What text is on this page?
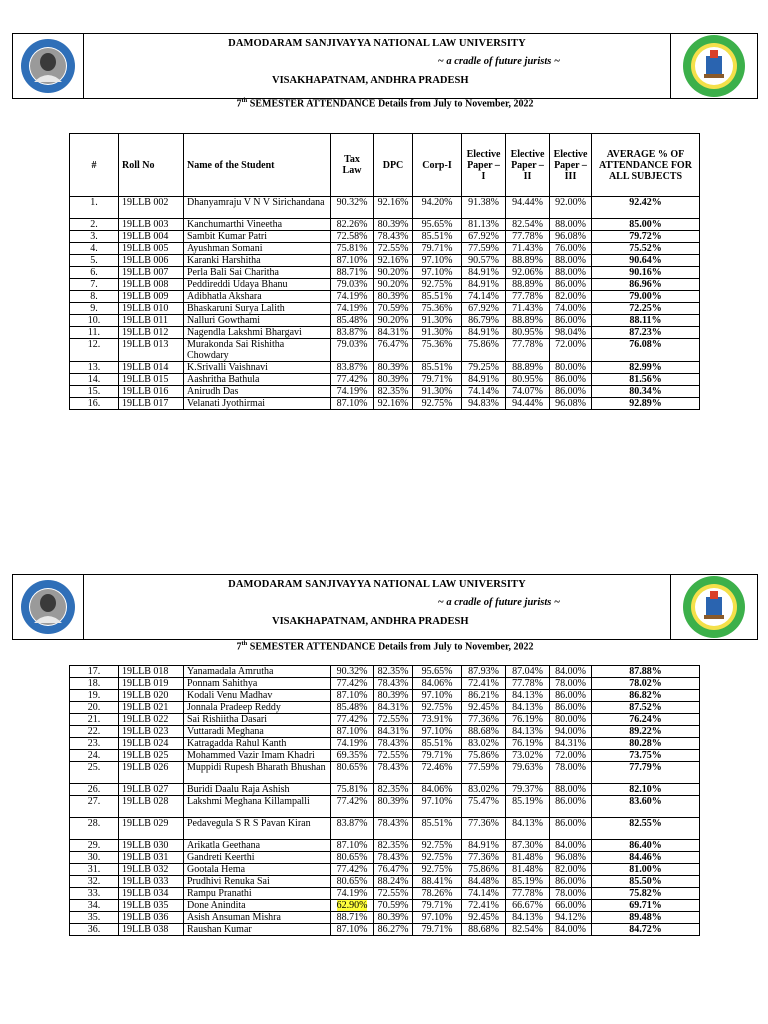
DAMODARAM SANJIVAYYA NATIONAL LAW UNIVERSITY
~ a cradle of future jurists ~
VISAKHAPATNAM, ANDHRA PRADESH
7th SEMESTER ATTENDANCE Details from July to November, 2022
#	Roll No	Name of the Student	Tax Law	DPC	Corp-I	Elective Paper – I	Elective Paper – II	Elective Paper – III	AVERAGE % OF ATTENDANCE FOR ALL SUBJECTS
1.	19LLB 002	Dhanyamraju V N V Sirichandana	90.32%	92.16%	94.20%	91.38%	94.44%	92.00%	92.42%
2.	19LLB 003	Kanchumarthi Vineetha	82.26%	80.39%	95.65%	81.13%	82.54%	88.00%	85.00%
3.	19LLB 004	Sambit Kumar Patri	72.58%	78.43%	85.51%	67.92%	77.78%	96.08%	79.72%
4.	19LLB 005	Ayushman Somani	75.81%	72.55%	79.71%	77.59%	71.43%	76.00%	75.52%
5.	19LLB 006	Karanki Harshitha	87.10%	92.16%	97.10%	90.57%	88.89%	88.00%	90.64%
6.	19LLB 007	Perla Bali Sai Charitha	88.71%	90.20%	97.10%	84.91%	92.06%	88.00%	90.16%
7.	19LLB 008	Peddireddi Udaya Bhanu	79.03%	90.20%	92.75%	84.91%	88.89%	86.00%	86.96%
8.	19LLB 009	Adibhatla Akshara	74.19%	80.39%	85.51%	74.14%	77.78%	82.00%	79.00%
9.	19LLB 010	Bhaskaruni Surya Lalith	74.19%	70.59%	75.36%	67.92%	71.43%	74.00%	72.25%
10.	19LLB 011	Nalluri Gowthami	85.48%	90.20%	91.30%	86.79%	88.89%	86.00%	88.11%
11.	19LLB 012	Nagendla Lakshmi Bhargavi	83.87%	84.31%	91.30%	84.91%	80.95%	98.04%	87.23%
12.	19LLB 013	Murakonda Sai Rishitha Chowdary	79.03%	76.47%	75.36%	75.86%	77.78%	72.00%	76.08%
13.	19LLB 014	K.Srivalli Vaishnavi	83.87%	80.39%	85.51%	79.25%	88.89%	80.00%	82.99%
14.	19LLB 015	Aashritha Bathula	77.42%	80.39%	79.71%	84.91%	80.95%	86.00%	81.56%
15.	19LLB 016	Anirudh Das	74.19%	82.35%	91.30%	74.14%	74.07%	86.00%	80.34%
16.	19LLB 017	Velanati Jyothirmai	87.10%	92.16%	92.75%	94.83%	94.44%	96.08%	92.89%
DAMODARAM SANJIVAYYA NATIONAL LAW UNIVERSITY
~ a cradle of future jurists ~
VISAKHAPATNAM, ANDHRA PRADESH
7th SEMESTER ATTENDANCE Details from July to November, 2022
17.	19LLB 018	Yanamadala Amrutha	90.32%	82.35%	95.65%	87.93%	87.04%	84.00%	87.88%
18.	19LLB 019	Ponnam Sahithya	77.42%	78.43%	84.06%	72.41%	77.78%	78.00%	78.02%
19.	19LLB 020	Kodali Venu Madhav	87.10%	80.39%	97.10%	86.21%	84.13%	86.00%	86.82%
20.	19LLB 021	Jonnala Pradeep Reddy	85.48%	84.31%	92.75%	92.45%	84.13%	86.00%	87.52%
21.	19LLB 022	Sai Rishiitha Dasari	77.42%	72.55%	73.91%	77.36%	76.19%	80.00%	76.24%
22.	19LLB 023	Vuttaradi Meghana	87.10%	84.31%	97.10%	88.68%	84.13%	94.00%	89.22%
23.	19LLB 024	Katragadda Rahul Kanth	74.19%	78.43%	85.51%	83.02%	76.19%	84.31%	80.28%
24.	19LLB 025	Mohammed Vazir Imam Khadri	69.35%	72.55%	79.71%	75.86%	73.02%	72.00%	73.75%
25.	19LLB 026	Muppidi Rupesh Bharath Bhushan	80.65%	78.43%	72.46%	77.59%	79.63%	78.00%	77.79%
26.	19LLB 027	Buridi Daalu Raja Ashish	75.81%	82.35%	84.06%	83.02%	79.37%	88.00%	82.10%
27.	19LLB 028	Lakshmi Meghana Killampalli	77.42%	80.39%	97.10%	75.47%	85.19%	86.00%	83.60%
28.	19LLB 029	Pedavegula S R S Pavan Kiran	83.87%	78.43%	85.51%	77.36%	84.13%	86.00%	82.55%
29.	19LLB 030	Arikatla Geethana	87.10%	82.35%	92.75%	84.91%	87.30%	84.00%	86.40%
30.	19LLB 031	Gandreti Keerthi	80.65%	78.43%	92.75%	77.36%	81.48%	96.08%	84.46%
31.	19LLB 032	Gootala Hema	77.42%	76.47%	92.75%	75.86%	81.48%	82.00%	81.00%
32.	19LLB 033	Prudhivi Renuka Sai	80.65%	88.24%	88.41%	84.48%	85.19%	86.00%	85.50%
33.	19LLB 034	Rampu Pranathi	74.19%	72.55%	78.26%	74.14%	77.78%	78.00%	75.82%
34.	19LLB 035	Done Anindita	62.90%	70.59%	79.71%	72.41%	66.67%	66.00%	69.71%
35.	19LLB 036	Asish Ansuman Mishra	88.71%	80.39%	97.10%	92.45%	84.13%	94.12%	89.48%
36.	19LLB 038	Raushan Kumar	87.10%	86.27%	79.71%	88.68%	82.54%	84.00%	84.72%
